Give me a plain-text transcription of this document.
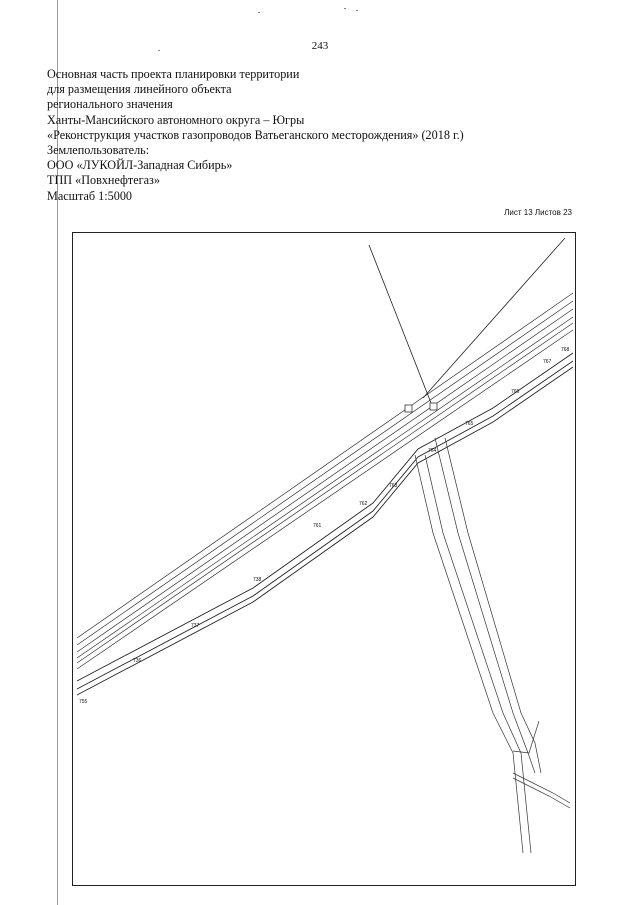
243
Основная часть проекта планировки территории
для размещения линейного объекта
регионального значения
Ханты-Мансийского автономного округа – Югры
«Реконструкция участков газопроводов Ватьеганского месторождения» (2018 г.)
Землепользователь:
ООО «ЛУКОЙЛ-Западная Сибирь»
ТПП «Повхнефтегаз»
Масштаб 1:5000
Лист 13 Листов 23
755
736
737
738
761
762
763
764
765
766
767
768
